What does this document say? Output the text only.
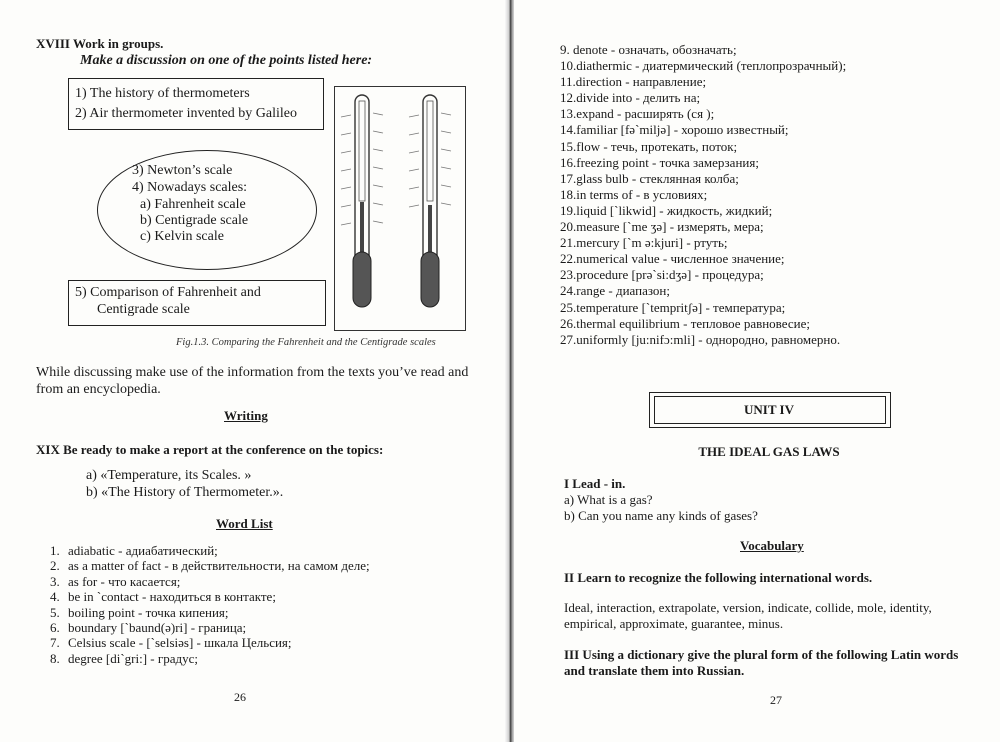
XVIII Work in groups.
Make a discussion on one of the points listed here:
1) The history of thermometers
2) Air thermometer invented by Galileo
3) Newton’s scale
4) Nowadays scales:
a) Fahrenheit scale
b) Centigrade scale
c) Kelvin scale
5) Comparison of Fahrenheit and
Centigrade scale
Fig.1.3. Comparing the Fahrenheit and the Centigrade scales
While discussing make use of the information from the texts you’ve read and
from an encyclopedia.
Writing
XIX Be ready to make a report at the conference on the topics:
a) «Temperature, its Scales. »
b) «The History of Thermometer.».
Word List
1. adiabatic - адиабатический;
2. as a matter of fact - в действительности, на самом деле;
3. as for - что касается;
4. be in `contact - находиться в контакте;
5. boiling point - точка кипения;
6. boundary [`baund(ə)ri] - граница;
7. Celsius scale - [`selsiəs] - шкала Цельсия;
8. degree [di`gri:] - градус;
26
9. denote - означать, обозначать;
10.diathermic - диатермический (теплопрозрачный);
11.direction - направление;
12.divide into - делить на;
13.expand - расширять (ся );
14.familiar [fə`miljə] - хорошо известный;
15.flow - течь, протекать, поток;
16.freezing point - точка замерзания;
17.glass bulb - стеклянная колба;
18.in terms of - в условиях;
19.liquid [`likwid] - жидкость, жидкий;
20.measure [`me ʒə] - измерять, мера;
21.mercury [`m ə:kjuri] - ртуть;
22.numerical value - численное значение;
23.procedure [prə`si:dʒə] - процедура;
24.range - диапазон;
25.temperature [`tempritʃə] - температура;
26.thermal equilibrium - тепловое равновесие;
27.uniformly [ju:nifɔ:mli] - однородно, равномерно.
UNIT IV
THE IDEAL GAS LAWS
I Lead - in.
a) What is a gas?
b) Can you name any kinds of gases?
Vocabulary
II Learn to recognize the following international words.
Ideal, interaction, extrapolate, version, indicate, collide, mole, identity,
empirical, approximate, guarantee, minus.
III Using a dictionary give the plural form of the following Latin words
and translate them into Russian.
27
